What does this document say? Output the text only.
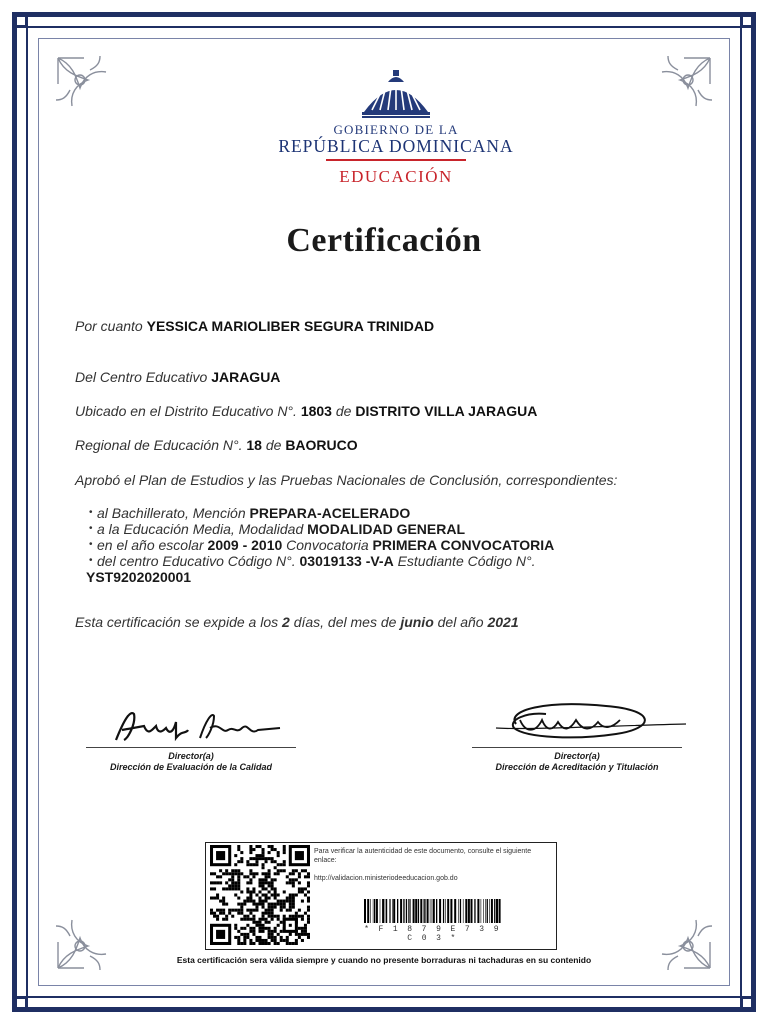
GOBIERNO DE LA
REPÚBLICA DOMINICANA
EDUCACIÓN
Certificación
Por cuanto YESSICA MARIOLIBER SEGURA TRINIDAD
Del Centro Educativo JARAGUA
Ubicado en el Distrito Educativo N°. 1803 de DISTRITO VILLA JARAGUA
Regional de Educación N°. 18 de BAORUCO
Aprobó el Plan de Estudios y las Pruebas Nacionales de Conclusión, correspondientes:
• al Bachillerato, Mención PREPARA-ACELERADO
• a la Educación Media, Modalidad MODALIDAD GENERAL
• en el año escolar 2009 - 2010 Convocatoria PRIMERA CONVOCATORIA
• del centro Educativo Código N°. 03019133 -V-A Estudiante Código N°.
YST9202020001
Esta certificación se expide a los 2 días, del mes de junio del año 2021
Director(a)
Dirección de Evaluación de la Calidad
Director(a)
Dirección de Acreditación y Titulación
Para verificar la autenticidad de este documento, consulte el siguiente enlace:
http://validacion.ministeriodeeducacion.gob.do
* F 1 8 7 9 E 7 3 9 C 0 3 *
Esta certificación sera válida siempre y cuando no presente borraduras ni tachaduras en su contenido
